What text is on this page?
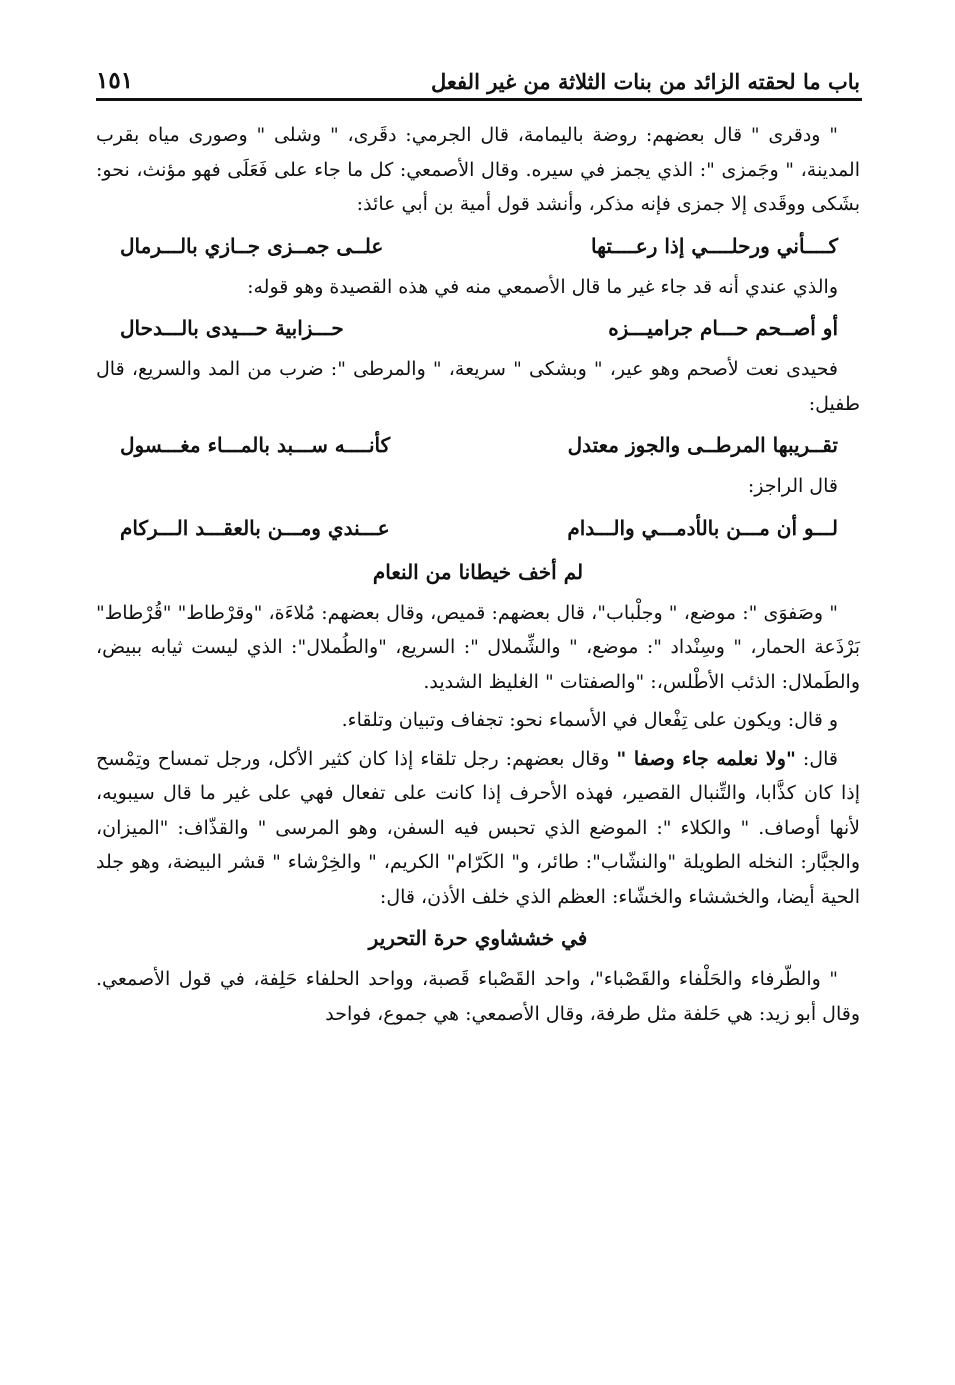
باب ما لحقته الزائد من بنات الثلاثة من غير الفعل
١٥١

" ودقرى " قال بعضهم: روضة باليمامة، قال الجرمي: دقَرى، " وشلى " وصورى مياه بقرب المدينة، " وجَمزى ": الذي يجمز في سيره. وقال الأصمعي: كل ما جاء على فَعَلَى فهو مؤنث، نحو: بشَكى ووقَدى إلا جمزى فإنه مذكر، وأنشد قول أمية بن أبي عائذ:

كــــأني ورحلــــي إذا رعــــتها
علــى جمــزى جــازي بالـــرمال

والذي عندي أنه قد جاء غير ما قال الأصمعي منه في هذه القصيدة وهو قوله:

أو أصــحم حـــام جراميـــزه
حـــزابية حـــيدى بالـــدحال

فحيدى نعت لأصحم وهو عير، " وبشكى " سريعة، " والمرطى ": ضرب من المد والسريع، قال طفيل:

تقــريبها المرطــى والجوز معتدل
كأنــــه ســـبد بالمـــاء مغـــسول

قال الراجز:

لـــو أن مـــن بالأدمـــي والـــدام
عـــندي ومـــن بالعقـــد الـــركام
لم أخف خيطانا من النعام

" وصَفوَى ": موضع، " وجلْباب"، قال بعضهم: قميص، وقال بعضهم: مُلاءَة، "وقرْطاط" "قُرْطاط" بَرْذَعة الحمار، " وسِنْداد ": موضع، " والشِّملال ": السريع، "والطُملال": الذي ليست ثيابه ببيض، والطَملال: الذئب الأطْلس،: "والصفتات " الغليظ الشديد.

و قال: ويكون على تِفْعال في الأسماء نحو: تجفاف وتبيان وتلقاء.

قال: "ولا نعلمه جاء وصفا " وقال بعضهم: رجل تلقاء إذا كان كثير الأكل، ورجل تمساح وتِمْسح إذا كان كذَّابا، والتِّنبال القصير، فهذه الأحرف إذا كانت على تفعال فهي على غير ما قال سيبويه، لأنها أوصاف. " والكلاء ": الموضع الذي تحبس فيه السفن، وهو المرسى " والقذّاف: "الميزان، والجبَّار: النخله الطويلة "والنشّاب": طائر، و" الكَرّام" الكريم، " والخِرْشاء " قشر البيضة، وهو جلد الحية أيضا، والخششاء والخشّاء: العظم الذي خلف الأذن، قال:

في خششاوي حرة التحرير

" والطّرفاء والحَلْفاء والقَصْباء"، واحد القَصْباء قَصبة، وواحد الحلفاء حَلِفة، في قول الأصمعي. وقال أبو زيد: هي حَلفة مثل طرفة، وقال الأصمعي: هي جموع، فواحد
